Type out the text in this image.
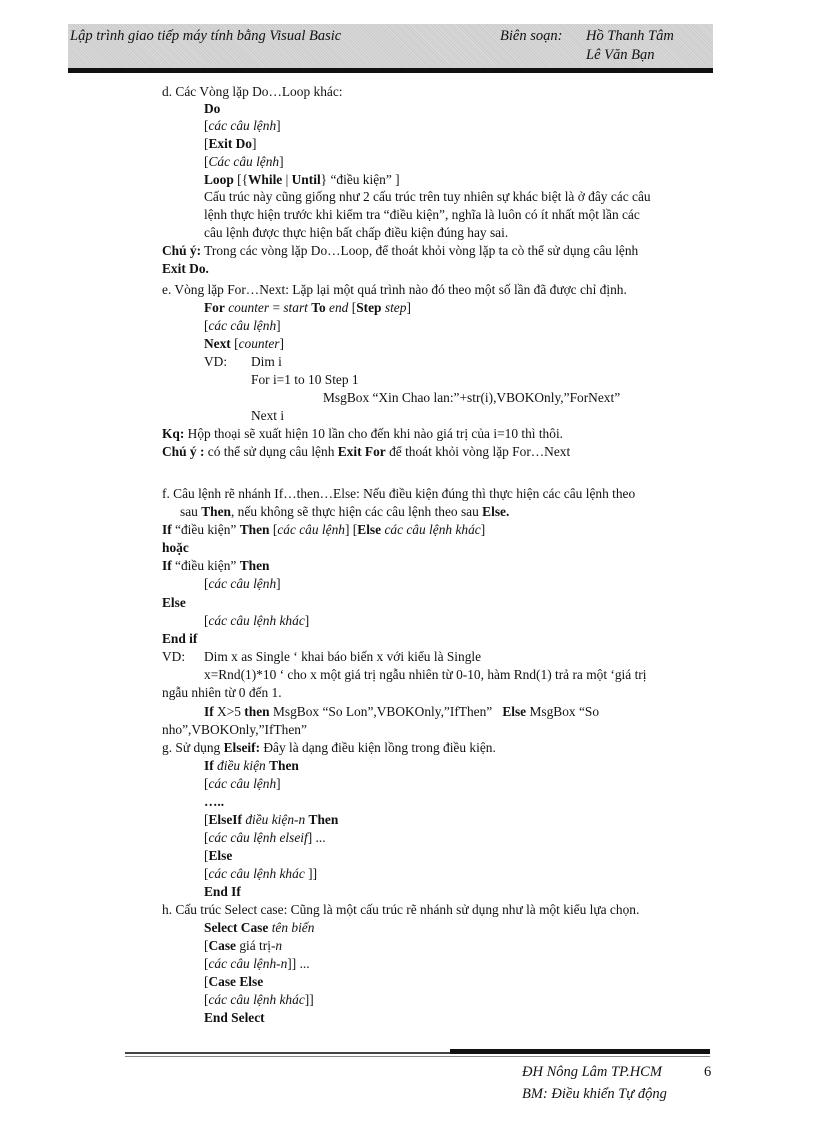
Lập trình giao tiếp máy tính bằng Visual Basic	Biên soạn: Hồ Thanh Tâm
Lê Văn Bạn
d. Các Vòng lặp Do…Loop khác:
Do
[các câu lệnh]
[Exit Do]
[Các câu lệnh]
Loop [{While | Until} “điều kiện” ]
Cấu trúc này cũng giống như 2 cấu trúc trên tuy nhiên sự khác biệt là ở đây các câu
lệnh thực hiện trước khi kiểm tra “điều kiện”, nghĩa là luôn có ít nhất một lần các
câu lệnh được thực hiện bất chấp điều kiện đúng hay sai.
Chú ý: Trong các vòng lặp Do…Loop, để thoát khỏi vòng lặp ta cò thể sử dụng câu lệnh
Exit Do.
e. Vòng lặp For…Next: Lặp lại một quá trình nào đó theo một số lần đã được chỉ định.
For counter = start To end [Step step]
[các câu lệnh]
Next [counter]
VD: Dim i
For i=1 to 10 Step 1
MsgBox “Xin Chao lan:”+str(i),VBOKOnly,”ForNext”
Next i
Kq: Hộp thoại sẽ xuất hiện 10 lần cho đến khi nào giá trị của i=10 thì thôi.
Chú ý : có thể sử dụng câu lệnh Exit For để thoát khỏi vòng lặp For…Next
f. Câu lệnh rẽ nhánh If…then…Else: Nếu điều kiện đúng thì thực hiện các câu lệnh theo
sau Then, nếu không sẽ thực hiện các câu lệnh theo sau Else.
If “điều kiện” Then [các câu lệnh] [Else các câu lệnh khác]
hoặc
If “điều kiện” Then
[các câu lệnh]
Else
[các câu lệnh khác]
End if
VD: Dim x as Single ‘ khai báo biến x với kiểu là Single
x=Rnd(1)*10 ‘ cho x một giá trị ngẫu nhiên từ 0-10, hàm Rnd(1) trả ra một ‘giá trị
ngẫu nhiên từ 0 đến 1.
If X>5 then MsgBox “So Lon”,VBOKOnly,”IfThen” Else MsgBox “So
nho”,VBOKOnly,”IfThen”
g. Sử dụng Elseif: Đây là dạng điều kiện lồng trong điều kiện.
If điều kiện Then
[các câu lệnh]
…..
[ElseIf điều kiện-n Then
[các câu lệnh elseif] ...
[Else
[các câu lệnh khác ]]
End If
h. Cấu trúc Select case: Cũng là một cấu trúc rẽ nhánh sử dụng như là một kiểu lựa chọn.
Select Case tên biến
[Case giá trị-n
[các câu lệnh-n]] ...
[Case Else
[các câu lệnh khác]]
End Select
ĐH Nông Lâm TP.HCM	6
BM: Điều khiển Tự động
